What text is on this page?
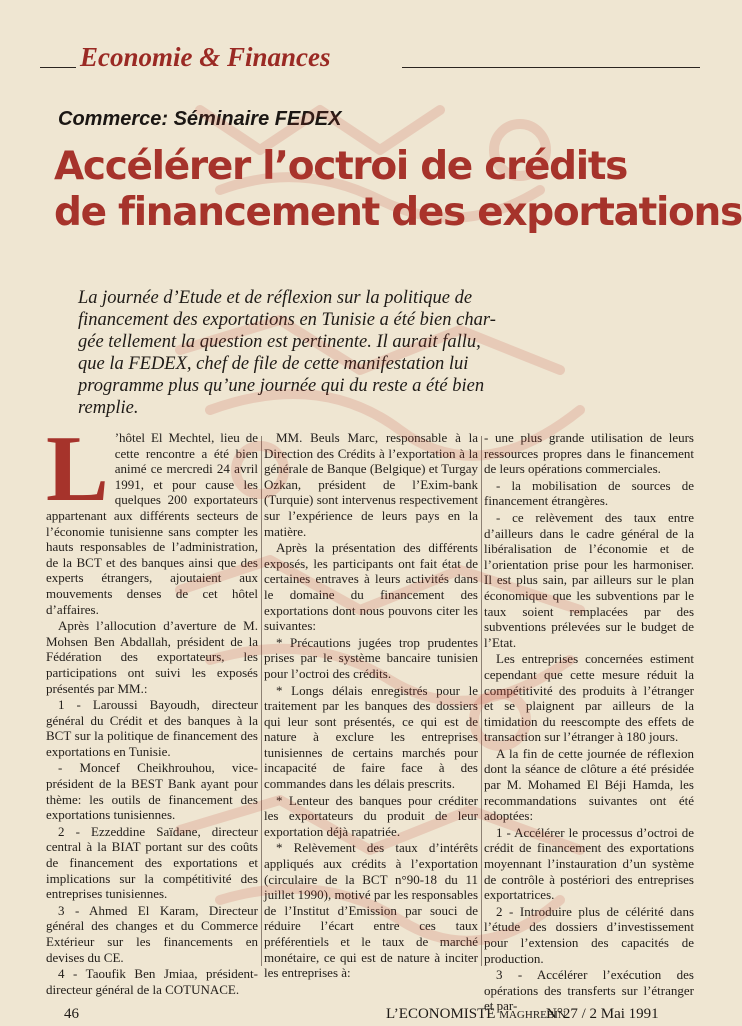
Economie & Finances
Commerce: Séminaire FEDEX
Accélérer l’octroi de crédits
de financement des exportations
La journée d’Etude et de réflexion sur la politique de
financement des exportations en Tunisie a été bien char-
gée tellement la question est pertinente. Il aurait fallu,
que la FEDEX, chef de file de cette manifestation lui
programme plus qu’une journée qui du reste a été bien
remplie.

L ’hôtel El Mechtel, lieu de cette rencontre a été bien animé ce mercredi 24 avril 1991, et pour cause les quelques 200 exportateurs appartenant aux différents secteurs de l’économie tunisienne sans compter les hauts responsables de l’administration, de la BCT et des banques ainsi que des experts étrangers, ajoutaient aux mouvements denses de cet hôtel d’affaires.

Après l’allocution d’averture de M. Mohsen Ben Abdallah, président de la Fédération des exportateurs, les participations ont suivi les exposés présentés par MM.:

1 - Laroussi Bayoudh, directeur général du Crédit et des banques à la BCT sur la politique de financement des exportations en Tunisie.

- Moncef Cheikhrouhou, vice-président de la BEST Bank ayant pour thème: les outils de financement des exportations tunisiennes.

2 - Ezzeddine Saïdane, directeur central à la BIAT portant sur des coûts de financement des exportations et implications sur la compétitivité des entreprises tunisiennes.

3 - Ahmed El Karam, Directeur général des changes et du Commerce Extérieur sur les financements en devises du CE.

4 - Taoufik Ben Jmiaa, président-directeur général de la COTUNACE.

MM. Beuls Marc, responsable à la Direction des Crédits à l’exportation à la générale de Banque (Belgique) et Turgay Ozkan, président de l’Exim-bank (Turquie) sont intervenus respectivement sur l’expérience de leurs pays en la matière.

Après la présentation des différents exposés, les participants ont fait état de certaines entraves à leurs activités dans le domaine du financement des exportations dont nous pouvons citer les suivantes:

* Précautions jugées trop prudentes prises par le système bancaire tunisien pour l’octroi des crédits.

* Longs délais enregistrés pour le traitement par les banques des dossiers qui leur sont présentés, ce qui est de nature à exclure les entreprises tunisiennes de certains marchés pour incapacité de faire face à des commandes dans les délais prescrits.

* Lenteur des banques pour créditer les exportateurs du produit de leur exportation déjà rapatriée.

* Relèvement des taux d’intérêts appliqués aux crédits à l’exportation (circulaire de la BCT n°90-18 du 11 juillet 1990), motivé par les responsables de l’Institut d’Emission par souci de réduire l’écart entre ces taux préférentiels et le taux de marché monétaire, ce qui est de nature à inciter les entreprises à:

- une plus grande utilisation de leurs ressources propres dans le financement de leurs opérations commerciales.

- la mobilisation de sources de financement étrangères.

- ce relèvement des taux entre d’ailleurs dans le cadre général de la libéralisation de l’économie et de l’orientation prise pour les harmoniser. Il est plus sain, par ailleurs sur le plan économique que les subventions par le taux soient remplacées par des subventions prélevées sur le budget de l’Etat.

Les entreprises concernées estiment cependant que cette mesure réduit la compétitivité des produits à l’étranger et se plaignent par ailleurs de la timidation du reescompte des effets de transaction sur l’étranger à 180 jours.

A la fin de cette journée de réflexion dont la séance de clôture a été présidée par M. Mohamed El Béji Hamda, les recommandations suivantes ont été adoptées:

1 - Accélérer le processus d’octroi de crédit de financement des exportations moyennant l’instauration d’un système de contrôle à postériori des entreprises exportatrices.

2 - Introduire plus de célérité dans l’étude des dossiers d’investissement pour l’extension des capacités de production.

3 - Accélérer l’exécution des opérations des transferts sur l’étranger et par-

46	L’ECONOMISTE MAGHREBIN
N°27 / 2 Mai 1991
